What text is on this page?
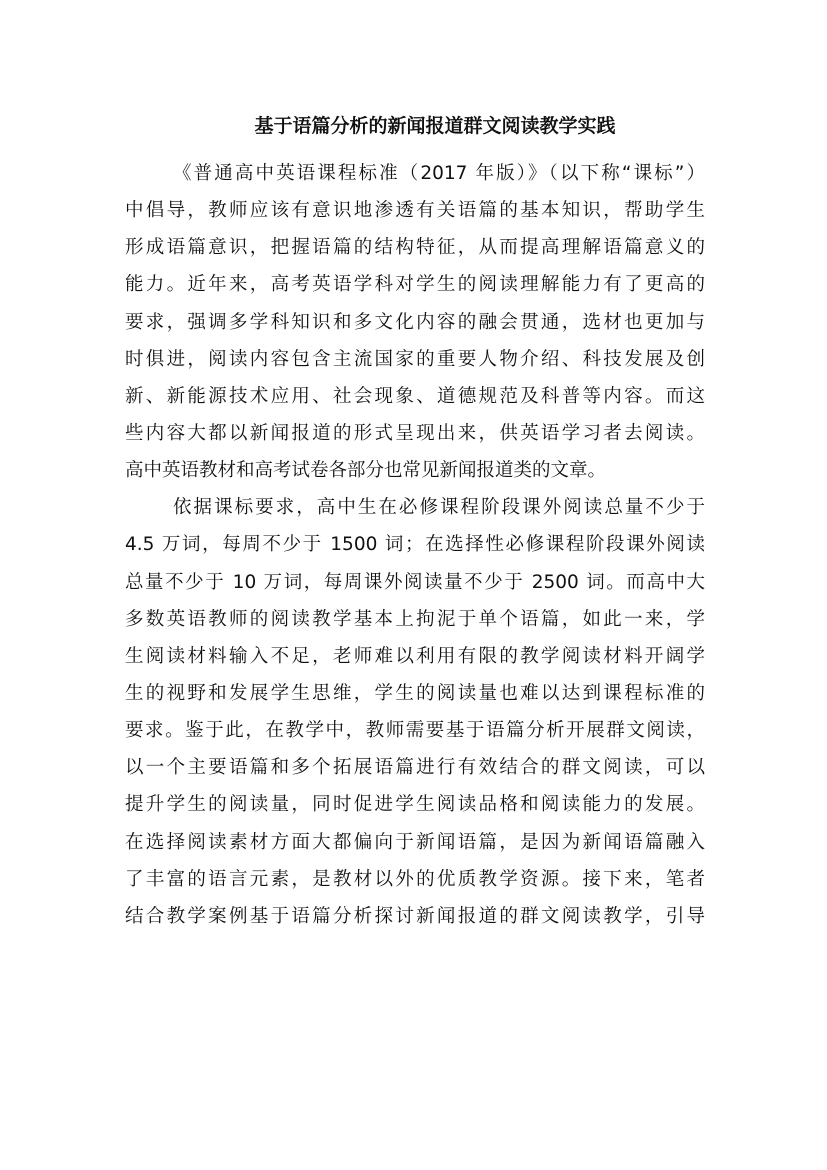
基于语篇分析的新闻报道群文阅读教学实践
《普通高中英语课程标准（2017 年版）》（以下称“课标”）
中倡导，教师应该有意识地渗透有关语篇的基本知识，帮助学生
形成语篇意识，把握语篇的结构特征，从而提高理解语篇意义的
能力。近年来，高考英语学科对学生的阅读理解能力有了更高的
要求，强调多学科知识和多文化内容的融会贯通，选材也更加与
时俱进，阅读内容包含主流国家的重要人物介绍、科技发展及创
新、新能源技术应用、社会现象、道德规范及科普等内容。而这
些内容大都以新闻报道的形式呈现出来，供英语学习者去阅读。
高中英语教材和高考试卷各部分也常见新闻报道类的文章。
依据课标要求，高中生在必修课程阶段课外阅读总量不少于
4.5 万词，每周不少于 1500 词；在选择性必修课程阶段课外阅读
总量不少于 10 万词，每周课外阅读量不少于 2500 词。而高中大
多数英语教师的阅读教学基本上拘泥于单个语篇，如此一来，学
生阅读材料输入不足，老师难以利用有限的教学阅读材料开阔学
生的视野和发展学生思维，学生的阅读量也难以达到课程标准的
要求。鉴于此，在教学中，教师需要基于语篇分析开展群文阅读，
以一个主要语篇和多个拓展语篇进行有效结合的群文阅读，可以
提升学生的阅读量，同时促进学生阅读品格和阅读能力的发展。
在选择阅读素材方面大都偏向于新闻语篇，是因为新闻语篇融入
了丰富的语言元素，是教材以外的优质教学资源。接下来，笔者
结合教学案例基于语篇分析探讨新闻报道的群文阅读教学，引导
